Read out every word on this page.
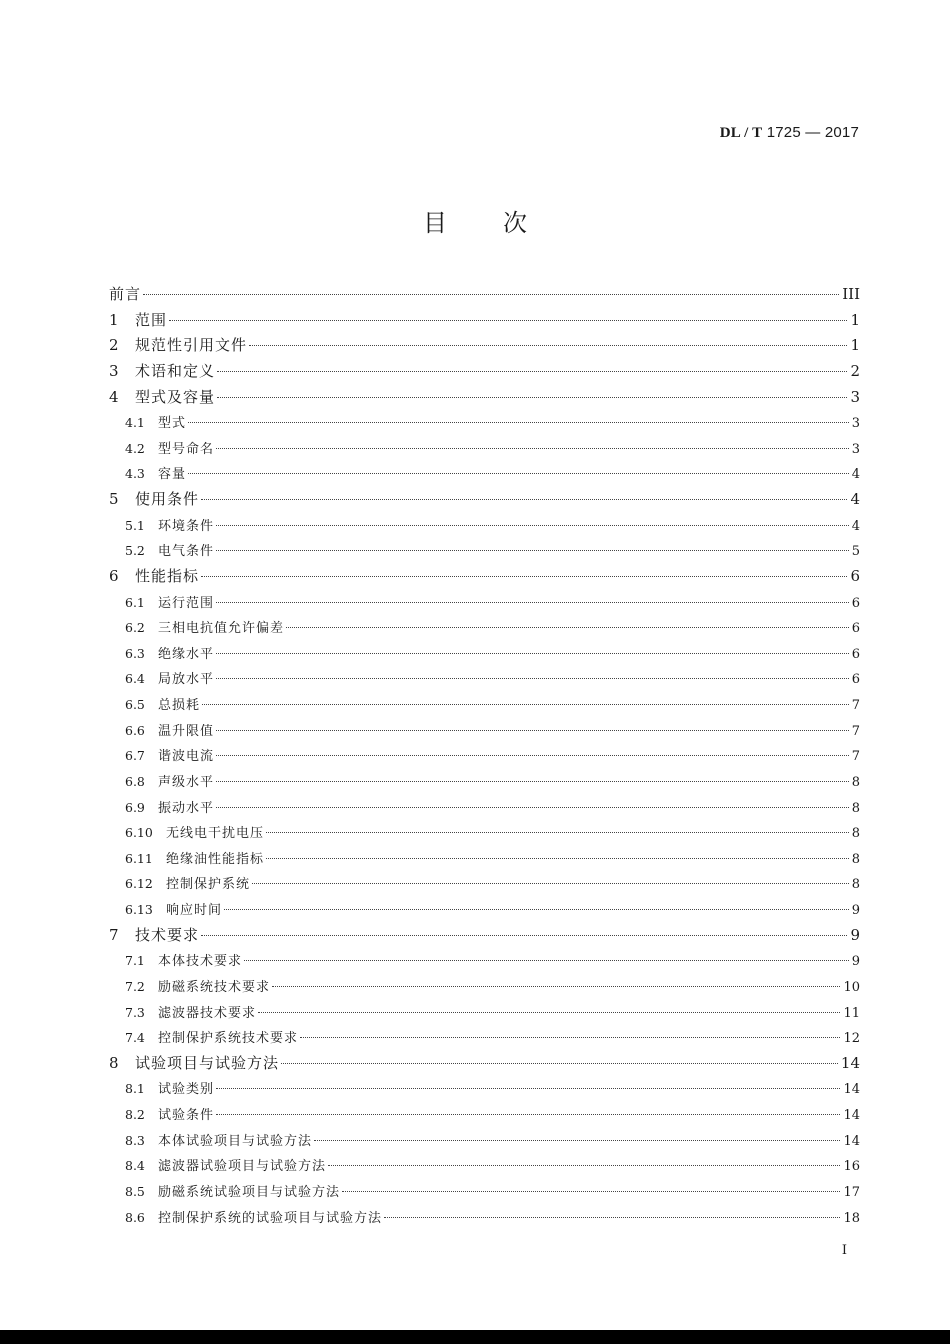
DL / T 1725 — 2017
目次
前言	III
1	范围	1
2	规范性引用文件	1
3	术语和定义	2
4	型式及容量	3
4.1	型式	3
4.2	型号命名	3
4.3	容量	4
5	使用条件	4
5.1	环境条件	4
5.2	电气条件	5
6	性能指标	6
6.1	运行范围	6
6.2	三相电抗值允许偏差	6
6.3	绝缘水平	6
6.4	局放水平	6
6.5	总损耗	7
6.6	温升限值	7
6.7	谐波电流	7
6.8	声级水平	8
6.9	振动水平	8
6.10	无线电干扰电压	8
6.11	绝缘油性能指标	8
6.12	控制保护系统	8
6.13	响应时间	9
7	技术要求	9
7.1	本体技术要求	9
7.2	励磁系统技术要求	10
7.3	滤波器技术要求	11
7.4	控制保护系统技术要求	12
8	试验项目与试验方法	14
8.1	试验类别	14
8.2	试验条件	14
8.3	本体试验项目与试验方法	14
8.4	滤波器试验项目与试验方法	16
8.5	励磁系统试验项目与试验方法	17
8.6	控制保护系统的试验项目与试验方法	18
I
